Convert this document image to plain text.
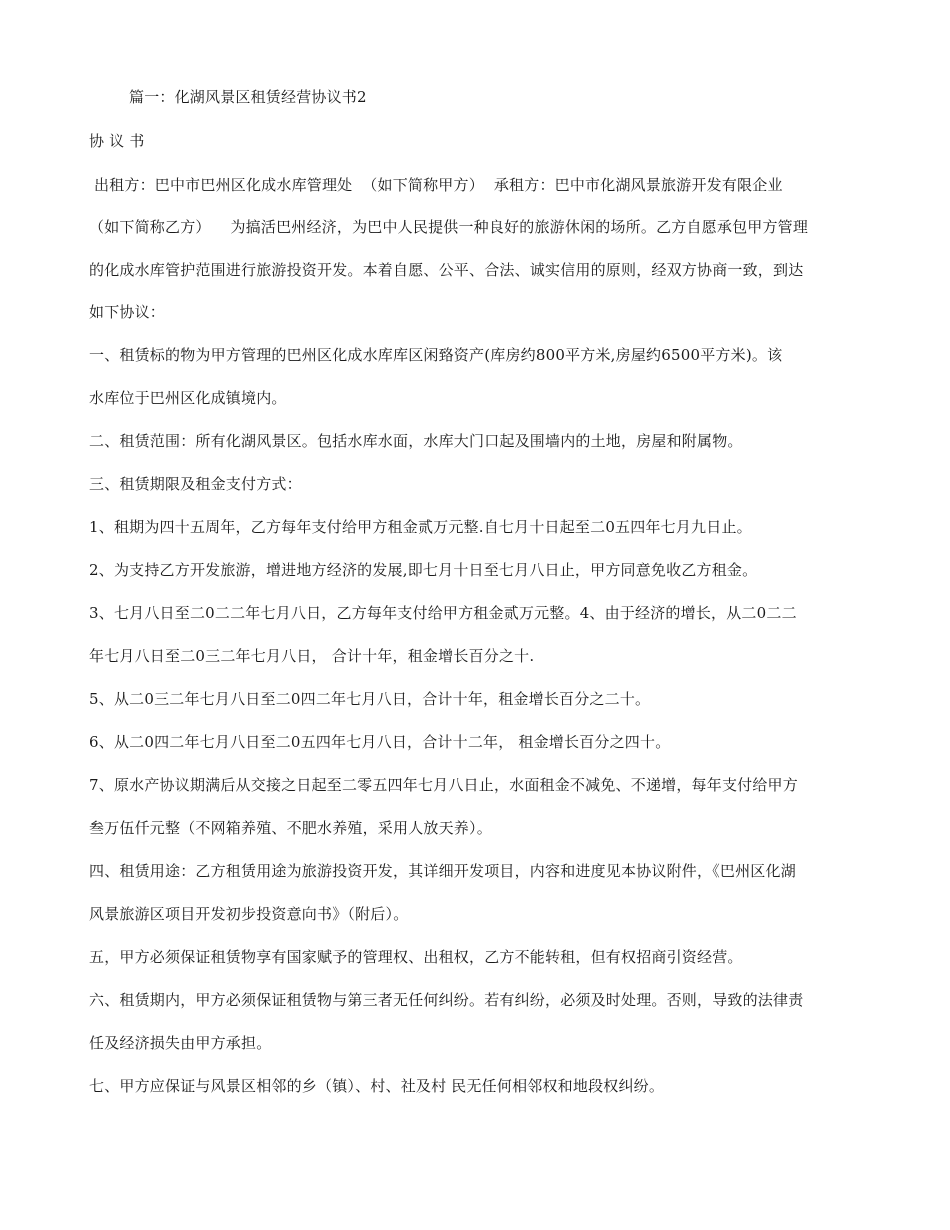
篇一：化湖风景区租赁经营协议书2
协 议 书
出租方：巴中市巴州区化成水库管理处  （如下简称甲方）  承租方：巴中市化湖风景旅游开发有限企业
（如下简称乙方）    为搞活巴州经济，为巴中人民提供一种良好的旅游休闲的场所。乙方自愿承包甲方管理
的化成水库管护范围进行旅游投资开发。本着自愿、公平、合法、诚实信用的原则，经双方协商一致，到达
如下协议：
一、租赁标的物为甲方管理的巴州区化成水库库区闲臵资产(库房约800平方米,房屋约6500平方米)。该
水库位于巴州区化成镇境内。
二、租赁范围：所有化湖风景区。包括水库水面，水库大门口起及围墙内的土地，房屋和附属物。
三、租赁期限及租金支付方式：
1、租期为四十五周年，乙方每年支付给甲方租金贰万元整.自七月十日起至二0五四年七月九日止。
2、为支持乙方开发旅游，增进地方经济的发展,即七月十日至七月八日止，甲方同意免收乙方租金。
3、七月八日至二0二二年七月八日，乙方每年支付给甲方租金贰万元整。4、由于经济的增长，从二0二二
年七月八日至二0三二年七月八日， 合计十年，租金增长百分之十.
5、从二0三二年七月八日至二0四二年七月八日，合计十年，租金增长百分之二十。
6、从二0四二年七月八日至二0五四年七月八日，合计十二年， 租金增长百分之四十。
7、原水产协议期满后从交接之日起至二零五四年七月八日止，水面租金不减免、不递增，每年支付给甲方
叁万伍仟元整（不网箱养殖、不肥水养殖，采用人放天养）。
四、租赁用途：乙方租赁用途为旅游投资开发，其详细开发项目，内容和进度见本协议附件，《巴州区化湖
风景旅游区项目开发初步投资意向书》（附后）。
五，甲方必须保证租赁物享有国家赋予的管理权、出租权，乙方不能转租，但有权招商引资经营。
六、租赁期内，甲方必须保证租赁物与第三者无任何纠纷。若有纠纷，必须及时处理。否则，导致的法律责
任及经济损失由甲方承担。
七、甲方应保证与风景区相邻的乡（镇）、村、社及村 民无任何相邻权和地段权纠纷。
